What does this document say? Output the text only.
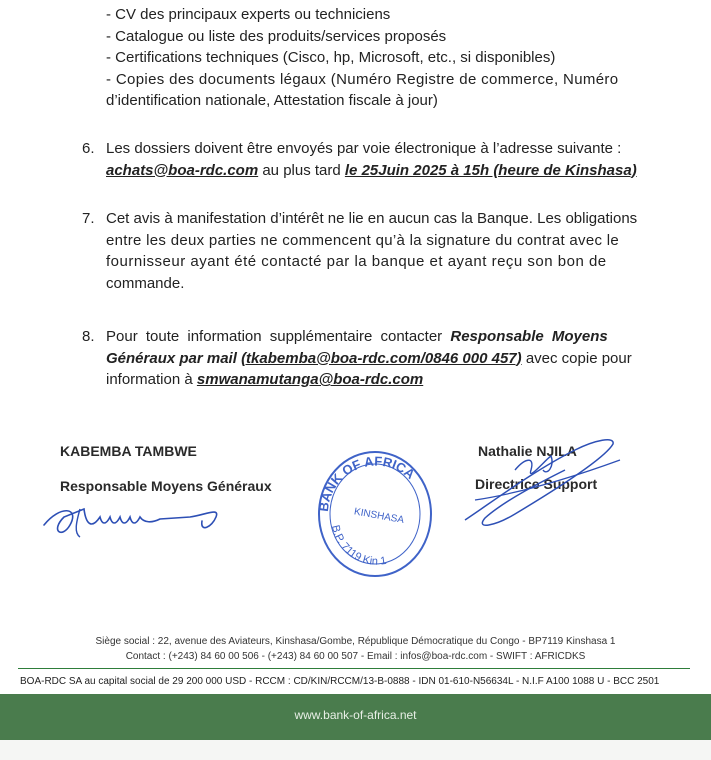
- CV des principaux experts ou techniciens
- Catalogue ou liste des produits/services proposés
- Certifications techniques (Cisco, hp, Microsoft, etc., si disponibles)
- Copies des documents légaux (Numéro Registre de commerce, Numéro
d’identification nationale, Attestation fiscale à jour)
6. Les dossiers doivent être envoyés par voie électronique à l’adresse suivante :
achats@boa-rdc.com au plus tard le 25Juin 2025 à 15h (heure de Kinshasa)
7. Cet avis à manifestation d’intérêt ne lie en aucun cas la Banque. Les obligations
entre les deux parties ne commencent qu’à la signature du contrat avec le
fournisseur ayant été contacté par la banque et ayant reçu son bon de
commande.
8. Pour toute information supplémentaire contacter Responsable Moyens
Généraux par mail (tkabemba@boa-rdc.com/0846 000 457) avec copie pour
information à smwanamutanga@boa-rdc.com
KABEMBA TAMBWE
Responsable Moyens Généraux
BANK OF AFRICA
KINSHASA
B.P. 7119 Kin 1
Nathalie NJILA
Directrice Support
Siège social : 22, avenue des Aviateurs, Kinshasa/Gombe, République Démocratique du Congo - BP7119 Kinshasa 1
Contact : (+243) 84 60 00 506 - (+243) 84 60 00 507 - Email : infos@boa-rdc.com - SWIFT : AFRICDKS
BOA-RDC SA au capital social de 29 200 000 USD - RCCM : CD/KIN/RCCM/13-B-0888 - IDN 01-610-N56634L - N.I.F A100 1088 U - BCC 2501
www.bank-of-africa.net
